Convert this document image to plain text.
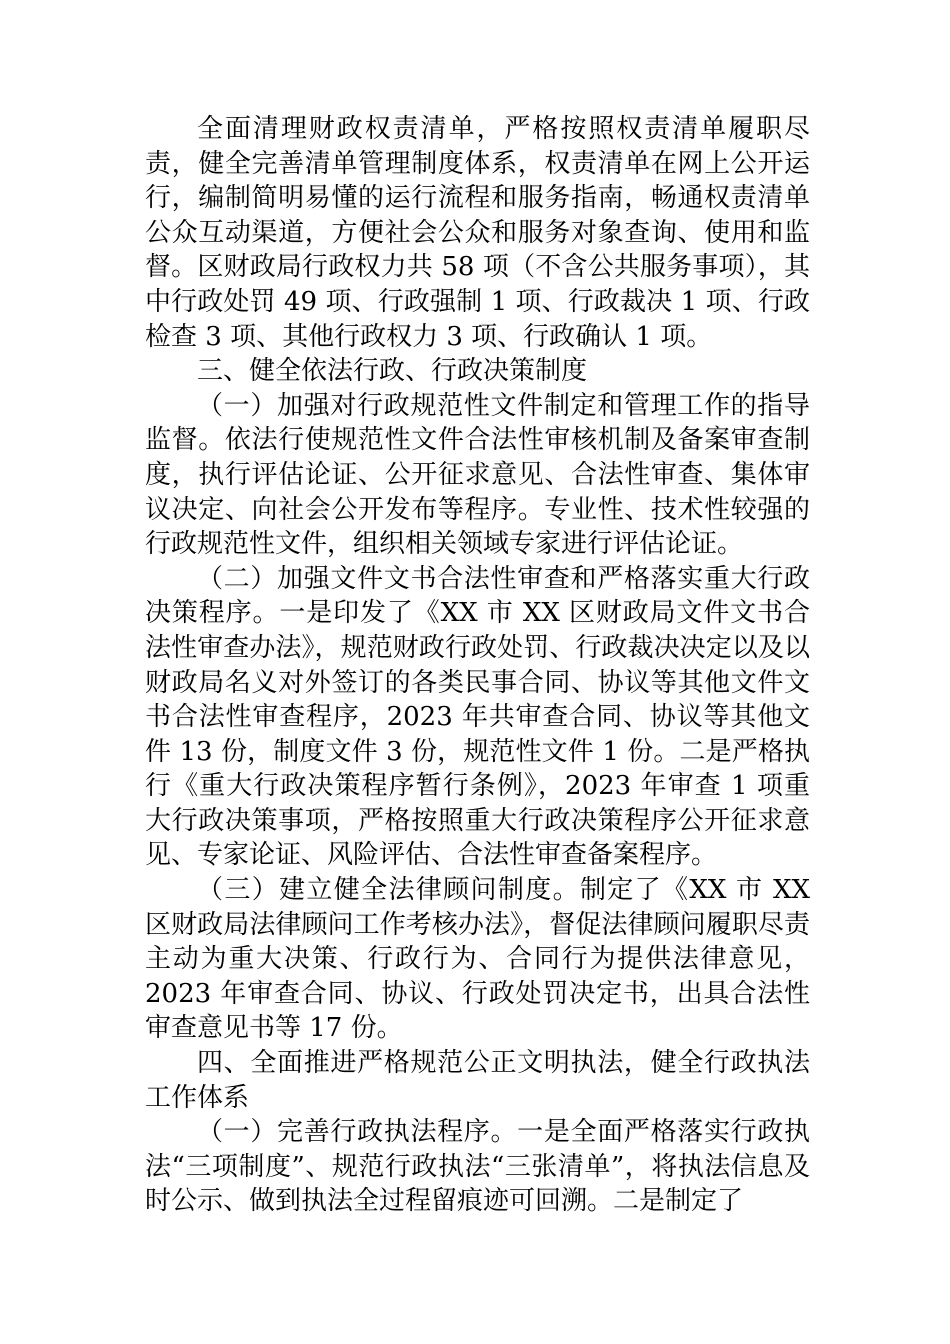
全面清理财政权责清单，严格按照权责清单履职尽责，健全完善清单管理制度体系，权责清单在网上公开运行，编制简明易懂的运行流程和服务指南，畅通权责清单公众互动渠道，方便社会公众和服务对象查询、使用和监督。区财政局行政权力共 58 项（不含公共服务事项），其中行政处罚 49 项、行政强制 1 项、行政裁决 1 项、行政检查 3 项、其他行政权力 3 项、行政确认 1 项。

三、健全依法行政、行政决策制度

（一）加强对行政规范性文件制定和管理工作的指导监督。依法行使规范性文件合法性审核机制及备案审查制度，执行评估论证、公开征求意见、合法性审查、集体审议决定、向社会公开发布等程序。专业性、技术性较强的行政规范性文件，组织相关领域专家进行评估论证。

（二）加强文件文书合法性审查和严格落实重大行政决策程序。一是印发了《XX 市 XX 区财政局文件文书合法性审查办法》，规范财政行政处罚、行政裁决决定以及以财政局名义对外签订的各类民事合同、协议等其他文件文书合法性审查程序，2023 年共审查合同、协议等其他文件 13 份，制度文件 3 份，规范性文件 1 份。二是严格执行《重大行政决策程序暂行条例》，2023 年审查 1 项重大行政决策事项，严格按照重大行政决策程序公开征求意见、专家论证、风险评估、合法性审查备案程序。

（三）建立健全法律顾问制度。制定了《XX 市 XX 区财政局法律顾问工作考核办法》，督促法律顾问履职尽责主动为重大决策、行政行为、合同行为提供法律意见，2023 年审查合同、协议、行政处罚决定书，出具合法性审查意见书等 17 份。

四、全面推进严格规范公正文明执法，健全行政执法工作体系

（一）完善行政执法程序。一是全面严格落实行政执法“三项制度”、规范行政执法“三张清单”，将执法信息及时公示、做到执法全过程留痕迹可回溯。二是制定了
